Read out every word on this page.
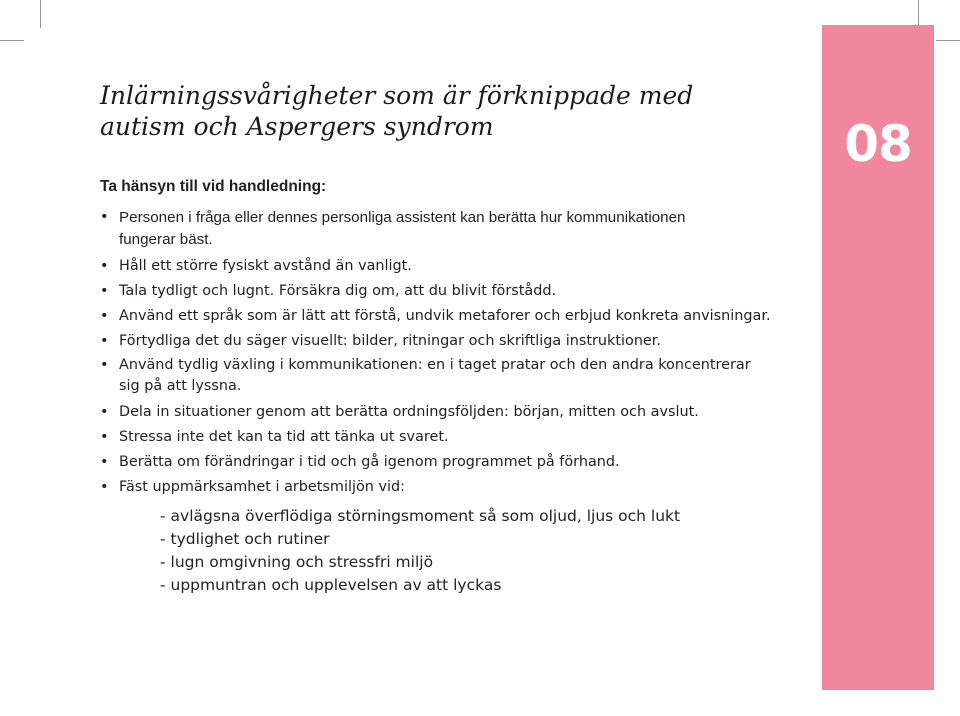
08
Inlärningssvårigheter som är förknippade med
autism och Aspergers syndrom

Ta hänsyn till vid handledning:

• Personen i fråga eller dennes personliga assistent kan berätta hur kommunikationen
fungerar bäst.
• Håll ett större fysiskt avstånd än vanligt.
• Tala tydligt och lugnt. Försäkra dig om, att du blivit förstådd.
• Använd ett språk som är lätt att förstå, undvik metaforer och erbjud konkreta anvisningar.
• Förtydliga det du säger visuellt: bilder, ritningar och skriftliga instruktioner.
• Använd tydlig växling i kommunikationen: en i taget pratar och den andra koncentrerar
sig på att lyssna.
• Dela in situationer genom att berätta ordningsföljden: början, mitten och avslut.
• Stressa inte det kan ta tid att tänka ut svaret.
• Berätta om förändringar i tid och gå igenom programmet på förhand.
• Fäst uppmärksamhet i arbetsmiljön vid:
- avlägsna överflödiga störningsmoment så som oljud, ljus och lukt
- tydlighet och rutiner
- lugn omgivning och stressfri miljö
- uppmuntran och upplevelsen av att lyckas
